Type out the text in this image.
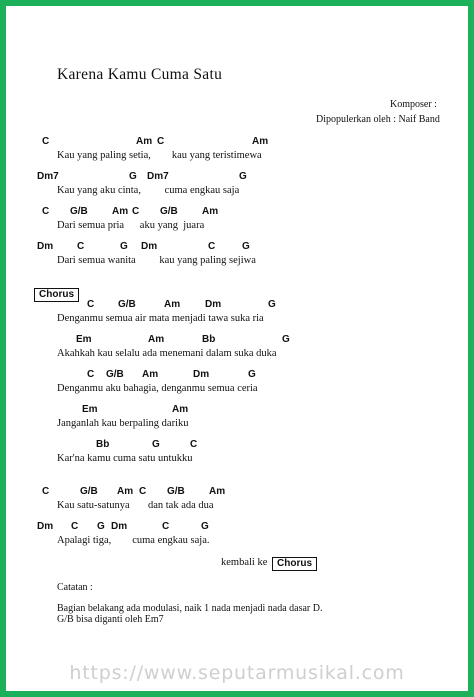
Karena Kamu Cuma Satu
Komposer :
Dipopulerkan oleh : Naif Band
C	Am C	Am
Kau yang paling setia,        kau yang teristimewa
Dm7	G Dm7	G
Kau yang aku cinta,         cuma engkau saja
C G/B Am C G/B Am
Dari semua pria      aku yang  juara
Dm C	G Dm	C	G
Dari semua wanita         kau yang paling sejiwa
Chorus
C G/B	Am Dm	G
Denganmu semua air mata menjadi tawa suka ria
Em	Am	Bb	G
Akahkah kau selalu ada menemani dalam suka duka
C G/B Am	Dm	G
Denganmu aku bahagia, denganmu semua ceria
Em	Am
Janganlah kau berpaling dariku
Bb	G	C
Kar'na kamu cuma satu untukku
C	G/B Am C G/B Am
Kau satu-satunya       dan tak ada dua
Dm C G Dm	C	G
Apalagi tiga,        cuma engkau saja.
kembali ke Chorus
Catatan :
Bagian belakang ada modulasi, naik 1 nada menjadi nada dasar D.
G/B bisa diganti oleh Em7
https://www.seputarmusikal.com
